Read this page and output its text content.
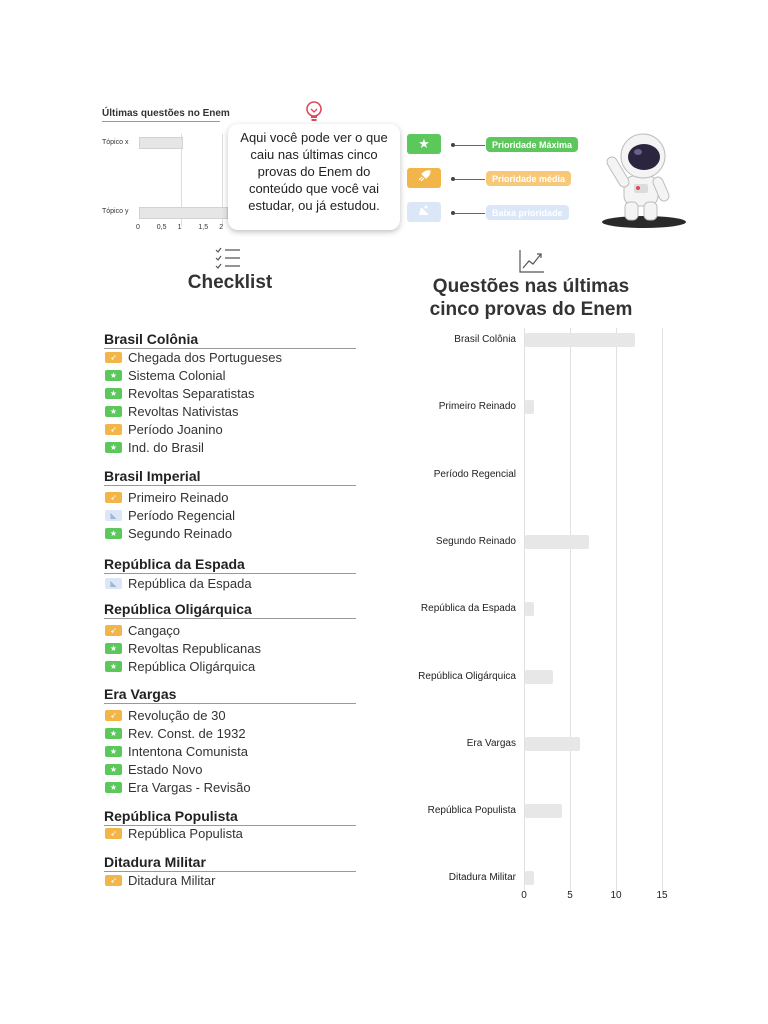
Últimas questões no Enem
Tópico x
Tópico y
0 0,5 1 1,5 2
Aqui você pode ver o que caiu nas últimas cinco provas do Enem do conteúdo que você vai estudar, ou já estudou.
★	Prioridade Máxima
Prioridade média
Baixa prioridade
Checklist	Questões nas últimas cinco provas do Enem
Brasil Colônia
➶ Chegada dos Portugueses
★ Sistema Colonial
★ Revoltas Separatistas
★ Revoltas Nativistas
➶ Período Joanino
★ Ind. do Brasil
Brasil Imperial
➶ Primeiro Reinado
◣ Período Regencial
★ Segundo Reinado
República da Espada
◣ República da Espada
República Oligárquica
➶ Cangaço
★ Revoltas Republicanas
★ República Oligárquica
Era Vargas
➶ Revolução de 30
★ Rev. Const. de 1932
★ Intentona Comunista
★ Estado Novo
★ Era Vargas - Revisão
República Populista
➶ República Populista
Ditadura Militar
➶ Ditadura Militar
Brasil Colônia
Primeiro Reinado
Período Regencial
Segundo Reinado
República da Espada
República Oligárquica
Era Vargas
República Populista
Ditadura Militar
0	5	10	15
